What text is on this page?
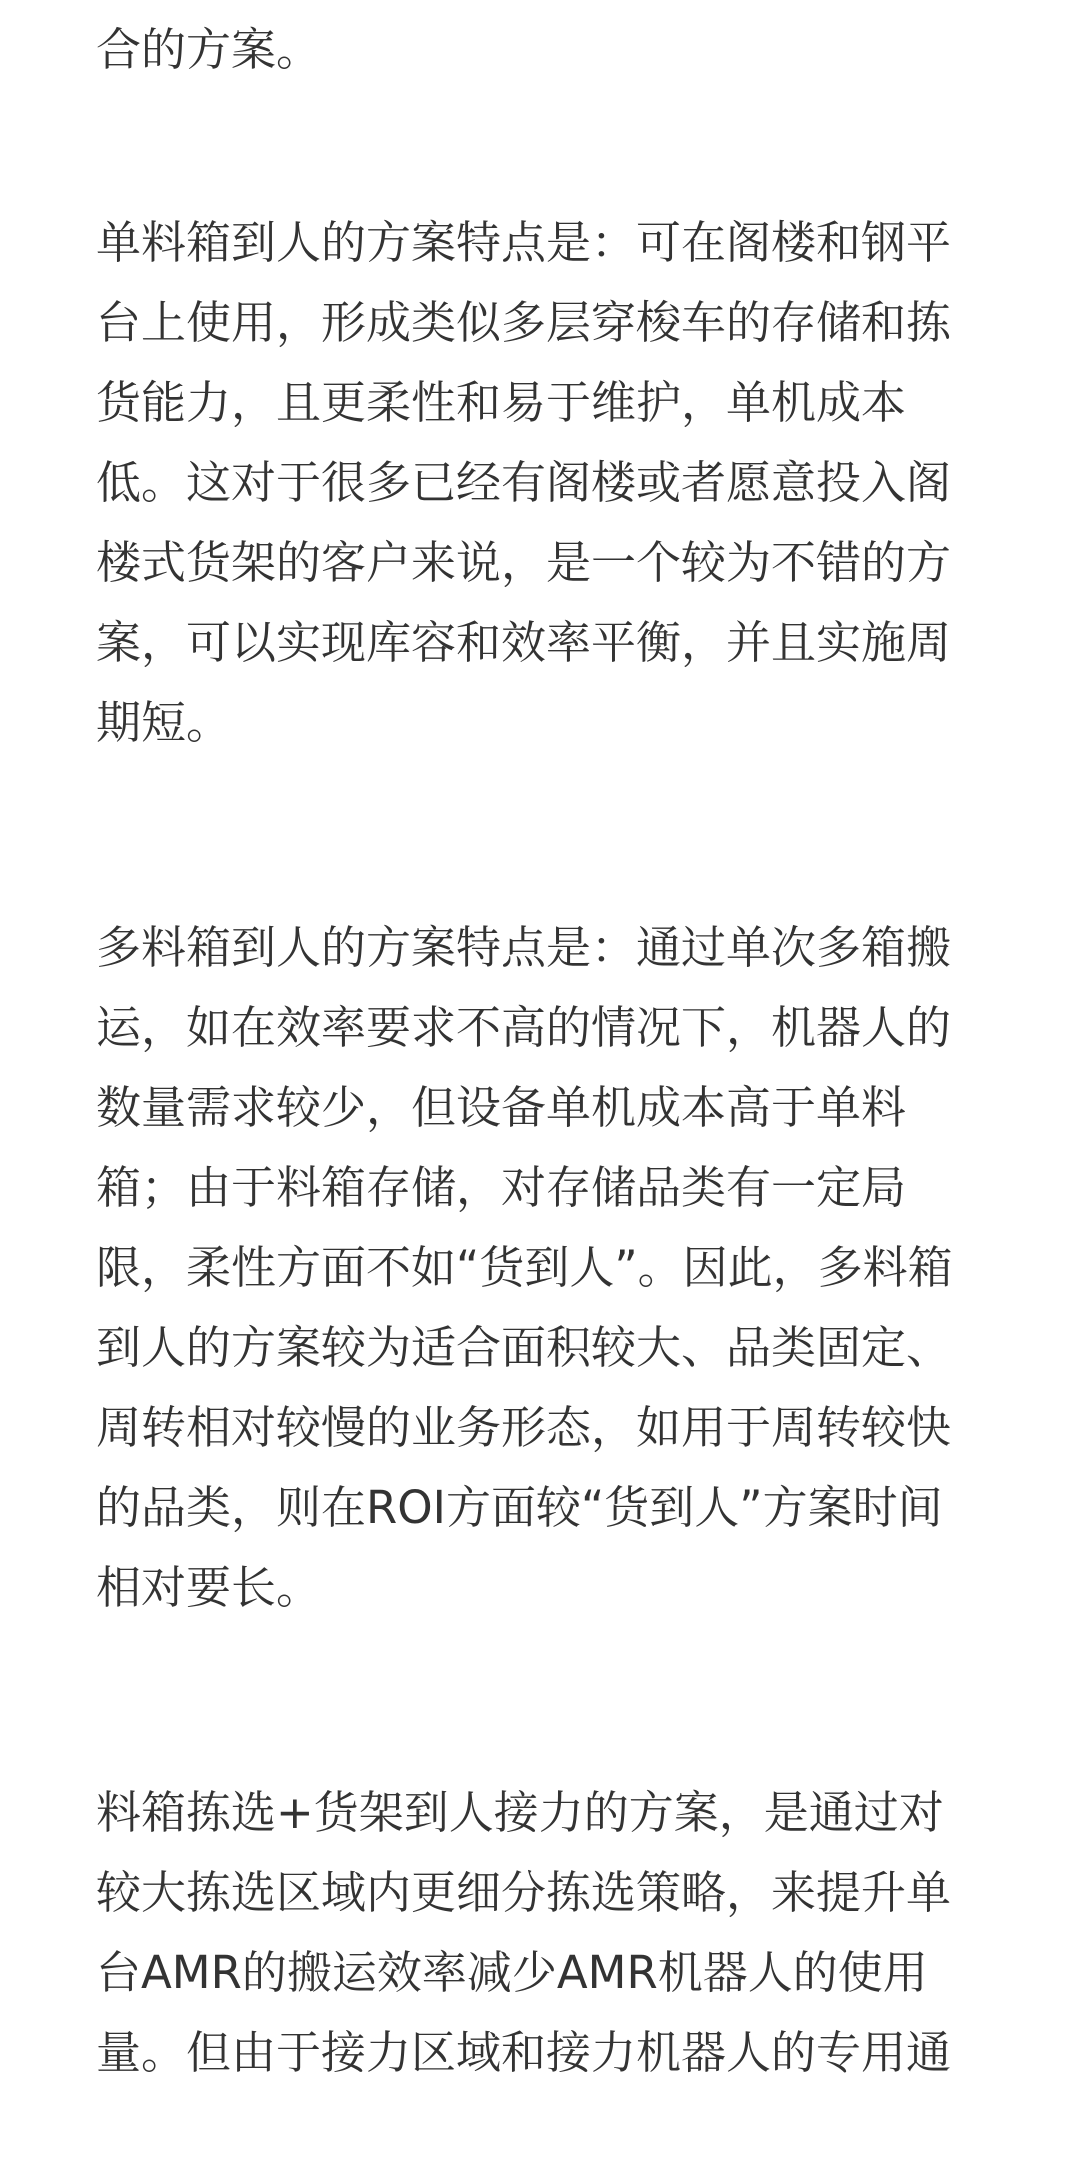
合的方案。
单料箱到人的方案特点是：可在阁楼和钢平
台上使用，形成类似多层穿梭车的存储和拣
货能力，且更柔性和易于维护，单机成本
低。这对于很多已经有阁楼或者愿意投入阁
楼式货架的客户来说，是一个较为不错的方
案，可以实现库容和效率平衡，并且实施周
期短。
多料箱到人的方案特点是：通过单次多箱搬
运，如在效率要求不高的情况下，机器人的
数量需求较少，但设备单机成本高于单料
箱；由于料箱存储，对存储品类有一定局
限，柔性方面不如“货到人”。因此，多料箱
到人的方案较为适合面积较大、品类固定、
周转相对较慢的业务形态，如用于周转较快
的品类，则在ROI方面较“货到人”方案时间
相对要长。
料箱拣选+货架到人接力的方案，是通过对
较大拣选区域内更细分拣选策略，来提升单
台AMR的搬运效率减少AMR机器人的使用
量。但由于接力区域和接力机器人的专用通
